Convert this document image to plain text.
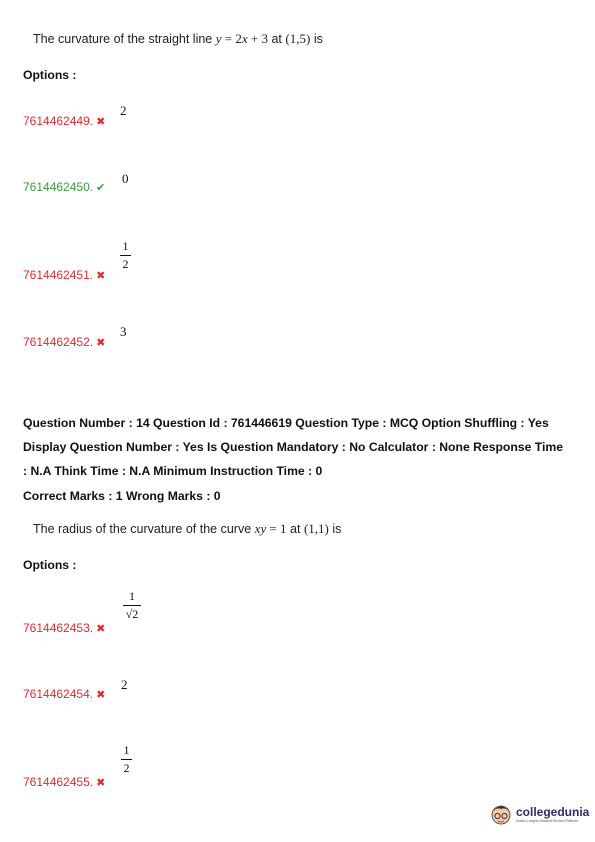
The curvature of the straight line y = 2x + 3 at (1,5) is
Options :
7614462449. ✖
2
7614462450. ✔
0
7614462451. ✖
1
2
7614462452. ✖
3
Question Number : 14 Question Id : 761446619 Question Type : MCQ Option Shuffling : Yes
Display Question Number : Yes Is Question Mandatory : No Calculator : None Response Time
: N.A Think Time : N.A Minimum Instruction Time : 0
Correct Marks : 1 Wrong Marks : 0
The radius of the curvature of the curve xy = 1 at (1,1) is
Options :
7614462453. ✖
1
√2
7614462454. ✖
2
7614462455. ✖
1
2
collegedunia
India's Largest Student Review Platform
